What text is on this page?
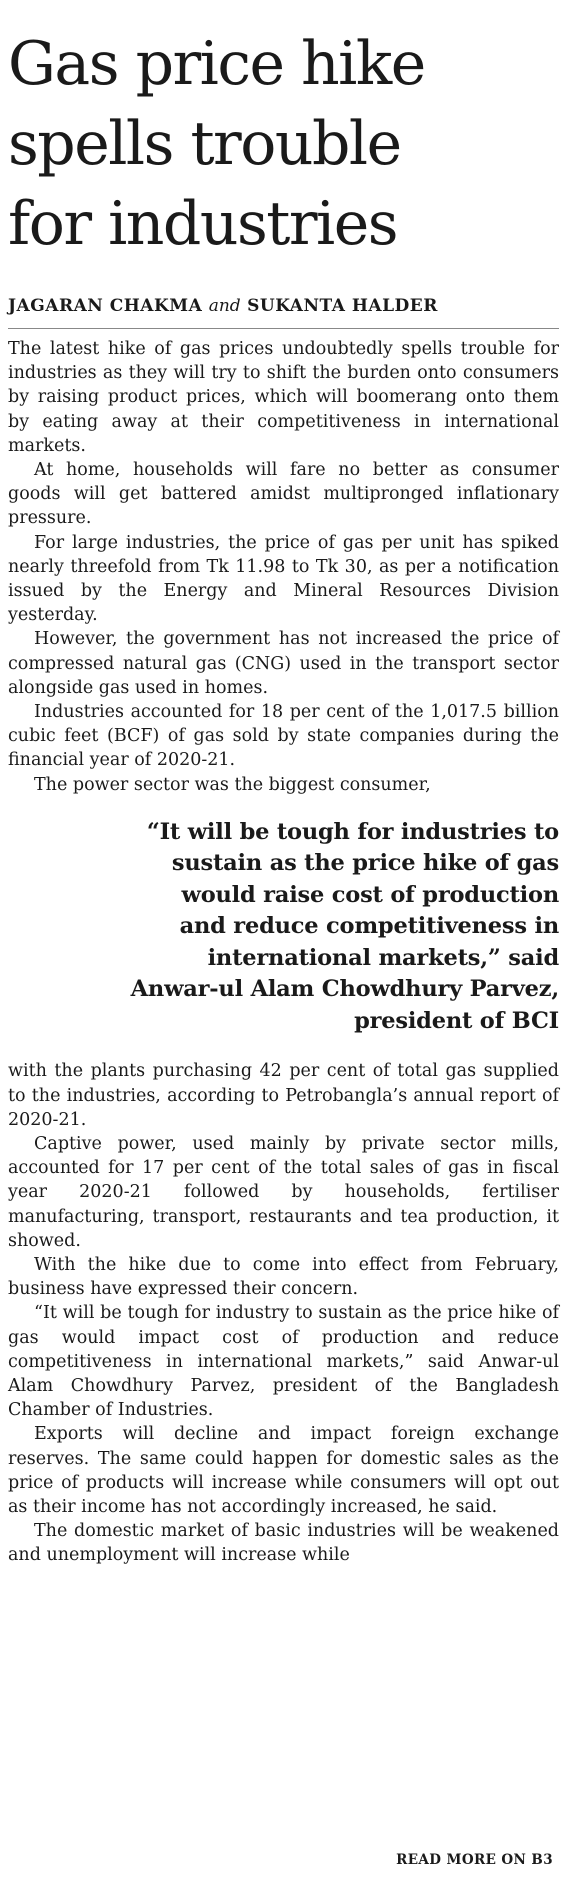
Gas price hike
spells trouble
for industries
JAGARAN CHAKMA and SUKANTA HALDER

The latest hike of gas prices undoubtedly spells trouble for industries as they will try to shift the burden onto consumers by raising product prices, which will boomerang onto them by eating away at their competitiveness in international markets.

At home, households will fare no better as consumer goods will get battered amidst multipronged inflationary pressure.

For large industries, the price of gas per unit has spiked nearly threefold from Tk 11.98 to Tk 30, as per a notification issued by the Energy and Mineral Resources Division yesterday.

However, the government has not increased the price of compressed natural gas (CNG) used in the transport sector alongside gas used in homes.

Industries accounted for 18 per cent of the 1,017.5 billion cubic feet (BCF) of gas sold by state companies during the financial year of 2020-21.

The power sector was the biggest consumer,

“It will be tough for industries to
sustain as the price hike of gas
would raise cost of production
and reduce competitiveness in
international markets,” said
Anwar-ul Alam Chowdhury Parvez,
president of BCI

with the plants purchasing 42 per cent of total gas supplied to the industries, according to Petrobangla’s annual report of 2020-21.

Captive power, used mainly by private sector mills, accounted for 17 per cent of the total sales of gas in fiscal year 2020-21 followed by households, fertiliser manufacturing, transport, restaurants and tea production, it showed.

With the hike due to come into effect from February, business have expressed their concern.

“It will be tough for industry to sustain as the price hike of gas would impact cost of production and reduce competitiveness in international markets,” said Anwar-ul Alam Chowdhury Parvez, president of the Bangladesh Chamber of Industries.

Exports will decline and impact foreign exchange reserves. The same could happen for domestic sales as the price of products will increase while consumers will opt out as their income has not accordingly increased, he said.

The domestic market of basic industries will be weakened and unemployment will increase while

READ MORE ON B3
